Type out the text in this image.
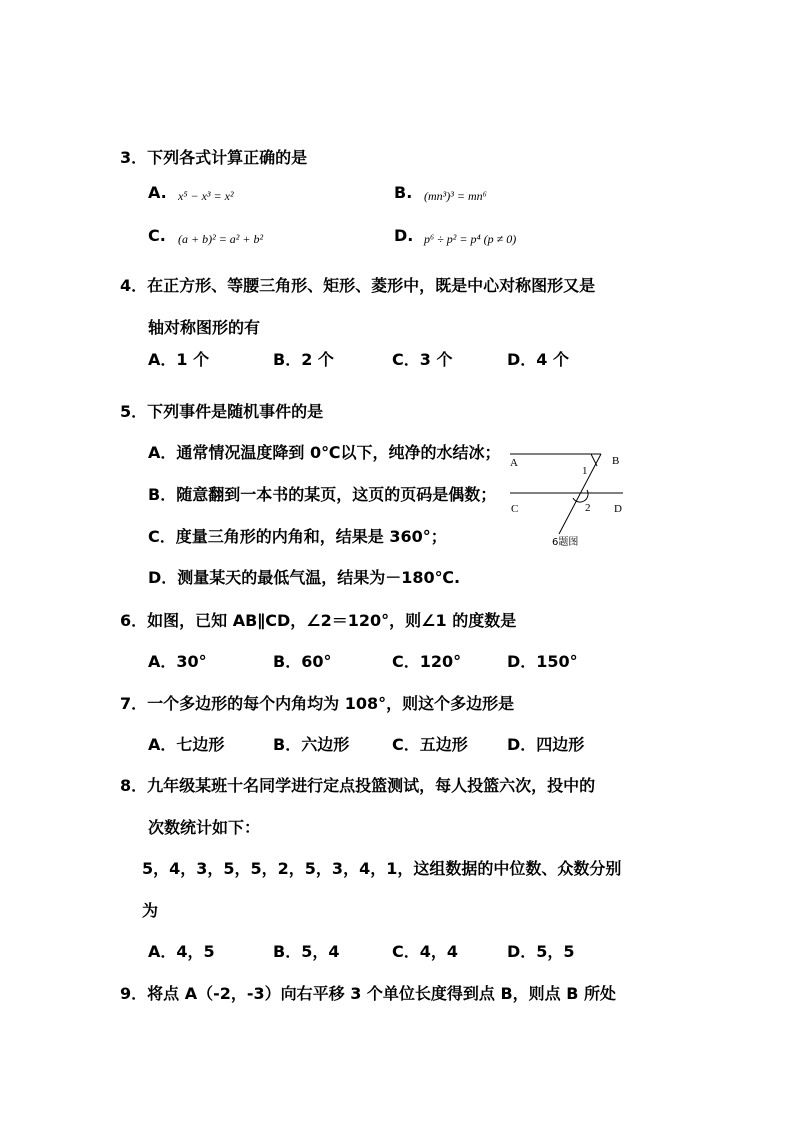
3．下列各式计算正确的是
A. x⁵ − x³ = x²	B. (mn³)³ = mn⁶
C. (a + b)² = a² + b²	D. p⁶ ÷ p² = p⁴ (p ≠ 0)
4．在正方形、等腰三角形、矩形、菱形中，既是中心对称图形又是
轴对称图形的有
A．1 个	B．2 个	C．3 个	D．4 个
5．下列事件是随机事件的是
A．通常情况温度降到 0℃以下，纯净的水结冰；
B．随意翻到一本书的某页，这页的页码是偶数；
C．度量三角形的内角和，结果是 360°；
D．测量某天的最低气温，结果为－180℃.
A	B
C	D
1
2
6题图
6．如图，已知 AB∥CD，∠2＝120°，则∠1 的度数是
A．30°	B．60°	C．120°	D．150°
7．一个多边形的每个内角均为 108°，则这个多边形是
A．七边形	B．六边形	C．五边形 D．四边形
8．九年级某班十名同学进行定点投篮测试，每人投篮六次，投中的
次数统计如下：
5，4，3，5，5，2，5，3，4，1，这组数据的中位数、众数分别
为
A．4，5	B．5，4	C．4，4	D．5，5
9．将点 A（-2，-3）向右平移 3 个单位长度得到点 B，则点 B 所处
